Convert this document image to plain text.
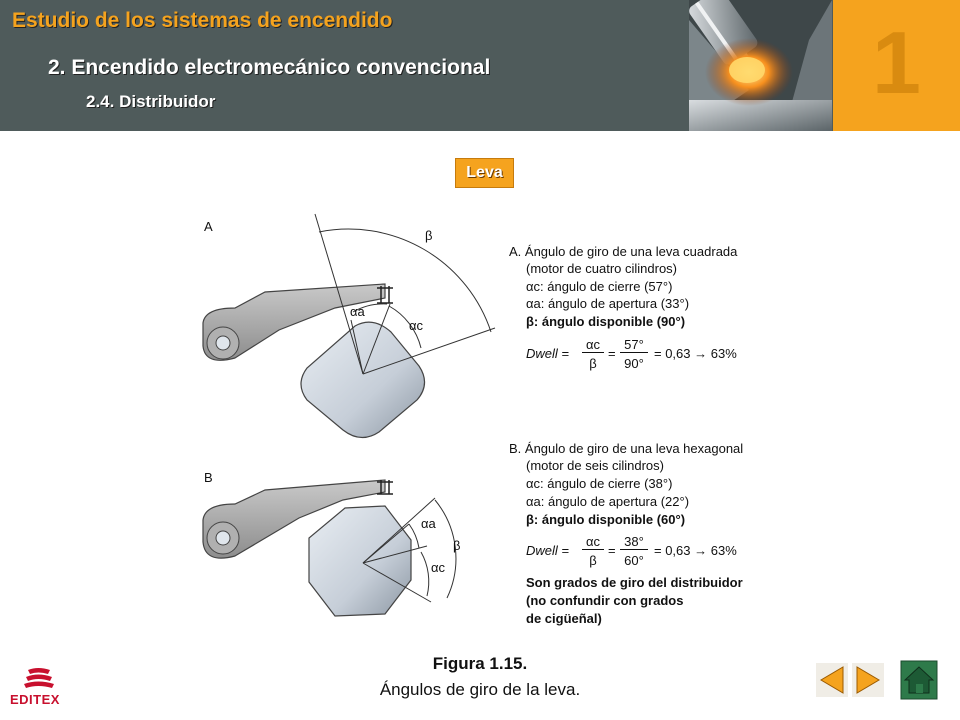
Estudio de los sistemas de encendido
2. Encendido electromecánico convencional
2.4. Distribuidor	1
Leva
A
β
αa
αc
B
β
αa
αc
A. Ángulo de giro de una leva cuadrada
(motor de cuatro cilindros)
αc: ángulo de cierre (57°)
αa: ángulo de apertura (33°)
β: ángulo disponible (90°)
Dwell =
αc
β
=
57°
90°
= 0,63 → 63%
B. Ángulo de giro de una leva hexagonal
(motor de seis cilindros)
αc: ángulo de cierre (38°)
αa: ángulo de apertura (22°)
β: ángulo disponible (60°)
Dwell =
αc
β
=
38°
60°
= 0,63 → 63%
Son grados de giro del distribuidor
(no confundir con grados
de cigüeñal)
Figura 1.15.
Ángulos de giro de la leva.
EDITEX
